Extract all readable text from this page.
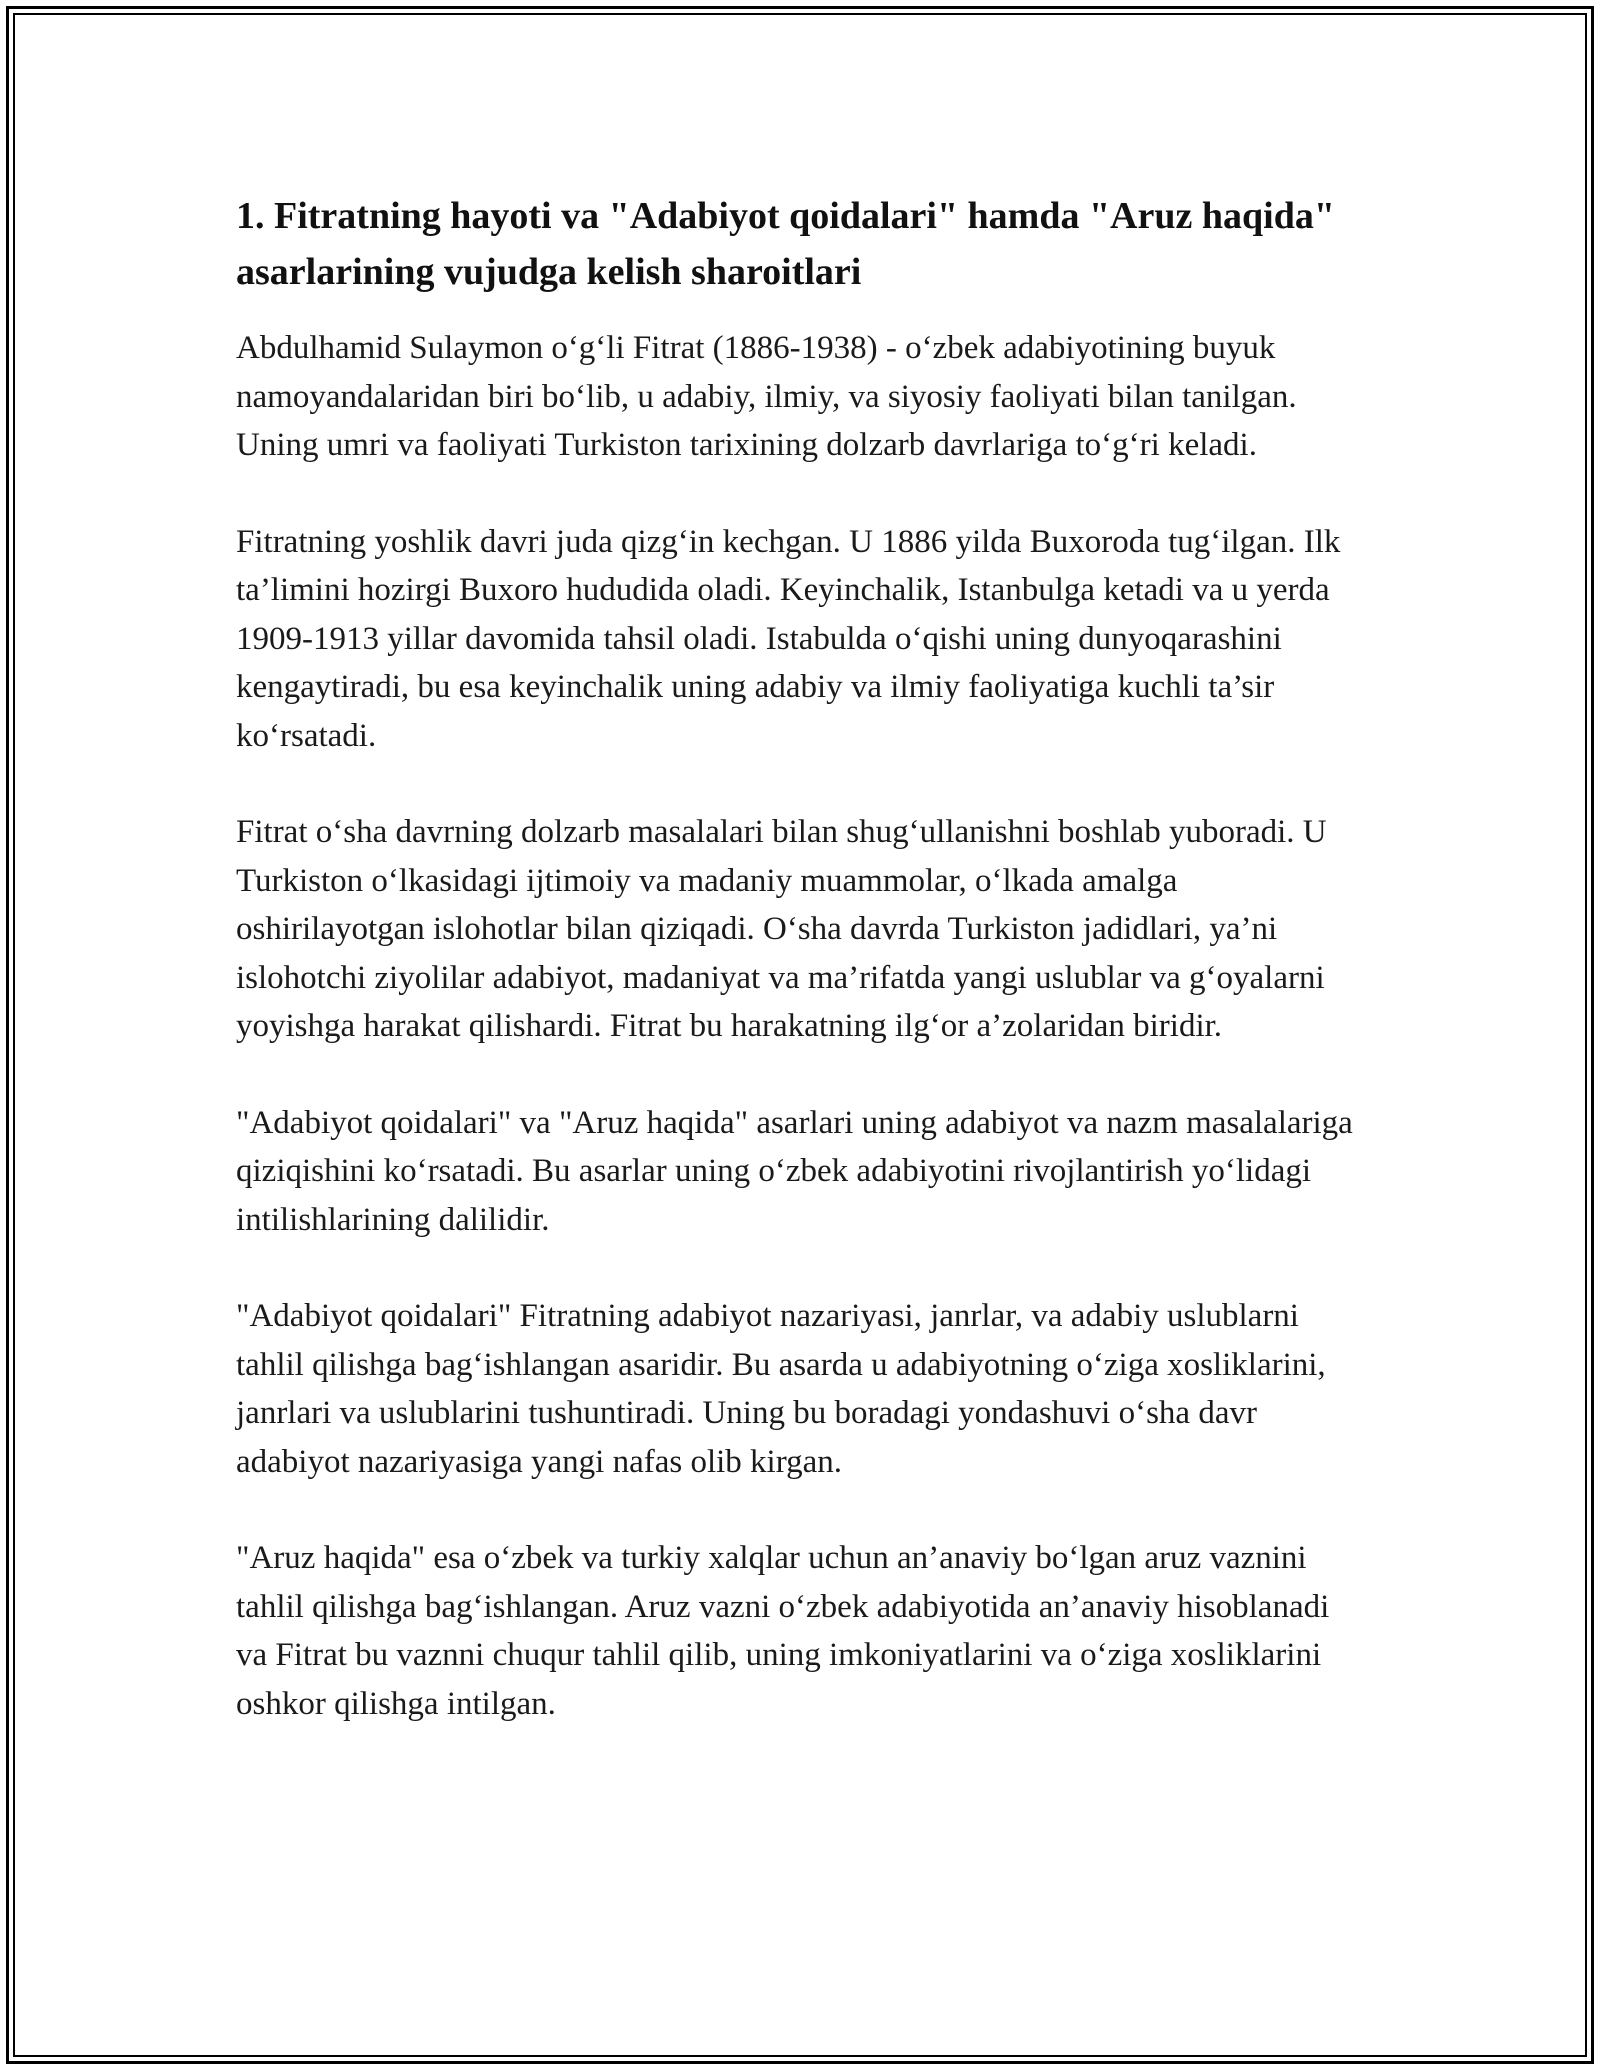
1. Fitratning hayoti va "Adabiyot qoidalari" hamda "Aruz haqida" asarlarining vujudga kelish sharoitlari

Abdulhamid Sulaymon o‘g‘li Fitrat (1886-1938) - o‘zbek adabiyotining buyuk namoyandalaridan biri bo‘lib, u adabiy, ilmiy, va siyosiy faoliyati bilan tanilgan. Uning umri va faoliyati Turkiston tarixining dolzarb davrlariga to‘g‘ri keladi.

Fitratning yoshlik davri juda qizg‘in kechgan. U 1886 yilda Buxoroda tug‘ilgan. Ilk ta’limini hozirgi Buxoro hududida oladi. Keyinchalik, Istanbulga ketadi va u yerda 1909-1913 yillar davomida tahsil oladi. Istabulda o‘qishi uning dunyoqarashini kengaytiradi, bu esa keyinchalik uning adabiy va ilmiy faoliyatiga kuchli ta’sir ko‘rsatadi.

Fitrat o‘sha davrning dolzarb masalalari bilan shug‘ullanishni boshlab yuboradi. U Turkiston o‘lkasidagi ijtimoiy va madaniy muammolar, o‘lkada amalga oshirilayotgan islohotlar bilan qiziqadi. O‘sha davrda Turkiston jadidlari, ya’ni islohotchi ziyolilar adabiyot, madaniyat va ma’rifatda yangi uslublar va g‘oyalarni yoyishga harakat qilishardi. Fitrat bu harakatning ilg‘or a’zolaridan biridir.

"Adabiyot qoidalari" va "Aruz haqida" asarlari uning adabiyot va nazm masalalariga qiziqishini ko‘rsatadi. Bu asarlar uning o‘zbek adabiyotini rivojlantirish yo‘lidagi intilishlarining dalilidir.

"Adabiyot qoidalari" Fitratning adabiyot nazariyasi, janrlar, va adabiy uslublarni tahlil qilishga bag‘ishlangan asaridir. Bu asarda u adabiyotning o‘ziga xosliklarini, janrlari va uslublarini tushuntiradi. Uning bu boradagi yondashuvi o‘sha davr adabiyot nazariyasiga yangi nafas olib kirgan.

"Aruz haqida" esa o‘zbek va turkiy xalqlar uchun an’anaviy bo‘lgan aruz vaznini tahlil qilishga bag‘ishlangan. Aruz vazni o‘zbek adabiyotida an’anaviy hisoblanadi va Fitrat bu vaznni chuqur tahlil qilib, uning imkoniyatlarini va o‘ziga xosliklarini oshkor qilishga intilgan.
